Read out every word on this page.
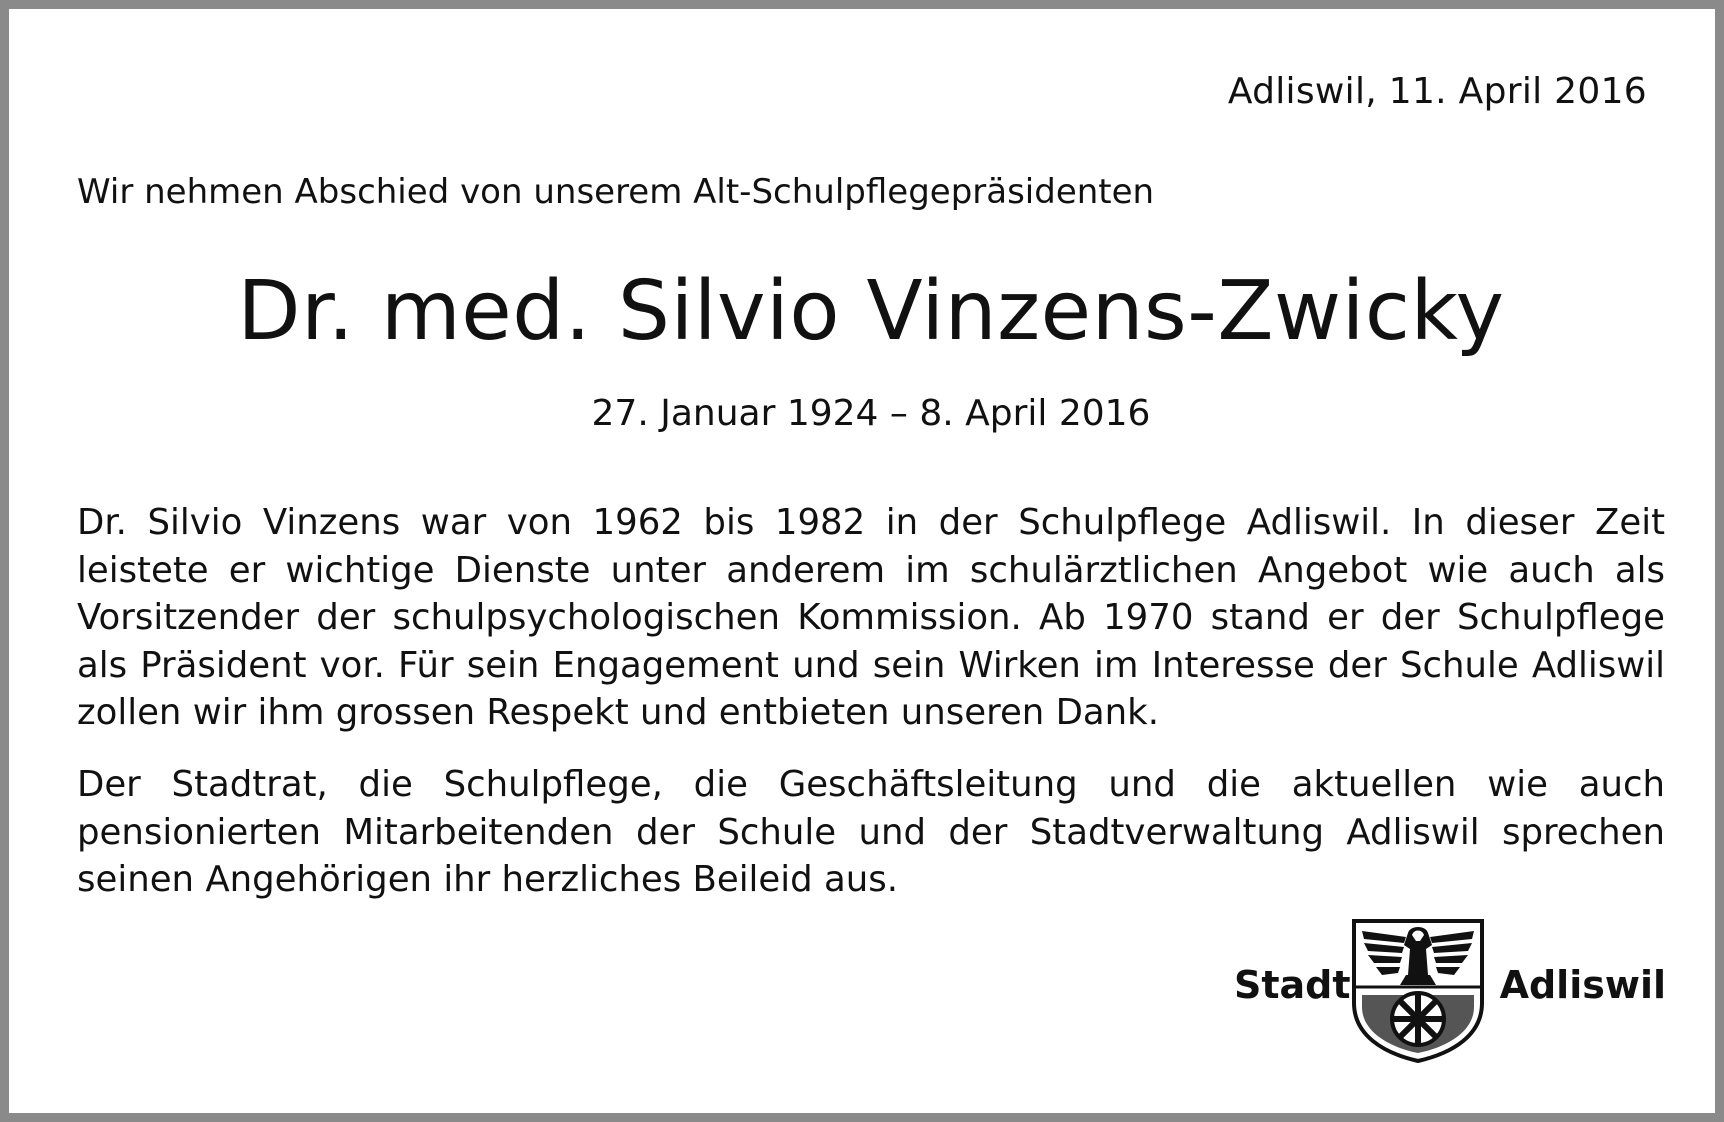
Adliswil, 11. April 2016
Wir nehmen Abschied von unserem Alt-Schulpflegepräsidenten
Dr. med. Silvio Vinzens-Zwicky
27. Januar 1924 – 8. April 2016

Dr. Silvio Vinzens war von 1962 bis 1982 in der Schulpflege Adliswil. In dieser Zeit leistete er wichtige Dienste unter anderem im schulärztlichen Angebot wie auch als Vorsitzender der schulpsychologischen Kommission. Ab 1970 stand er der Schulpflege als Präsident vor. Für sein Engagement und sein Wirken im Interesse der Schule Adliswil zollen wir ihm grossen Respekt und entbieten unseren Dank.

Der Stadtrat, die Schulpflege, die Geschäftsleitung und die aktuellen wie auch pensionierten Mitarbeitenden der Schule und der Stadtverwaltung Adliswil sprechen seinen Angehörigen ihr herzliches Beileid aus.

Stadt	Adliswil
